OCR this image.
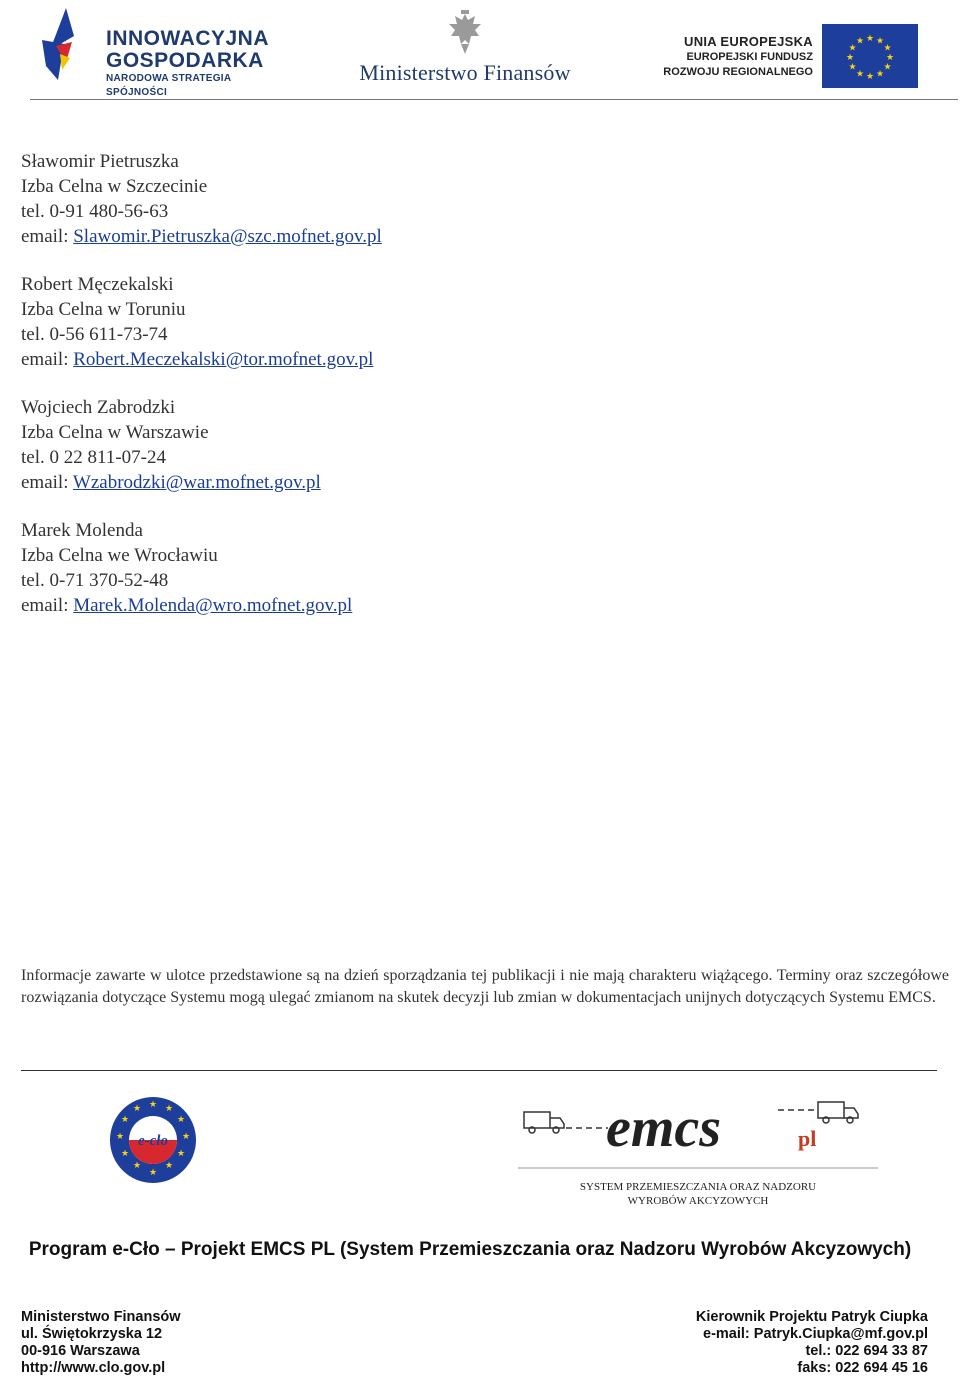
INNOWACYJNA
GOSPODARKA
NARODOWA STRATEGIA SPÓJNOŚCI
Ministerstwo Finansów
UNIA EUROPEJSKA
EUROPEJSKI FUNDUSZ
ROZWOJU REGIONALNEGO
★ ★
★
★
★
★
★
★
★
★
★
★
Sławomir Pietruszka
Izba Celna w Szczecinie
tel. 0-91 480-56-63
email: Slawomir.Pietruszka@szc.mofnet.gov.pl
Robert Męczekalski
Izba Celna w Toruniu
tel. 0-56 611-73-74
email: Robert.Meczekalski@tor.mofnet.gov.pl
Wojciech Zabrodzki
Izba Celna w Warszawie
tel. 0 22 811-07-24
email: Wzabrodzki@war.mofnet.gov.pl
Marek Molenda
Izba Celna we Wrocławiu
tel. 0-71 370-52-48
email: Marek.Molenda@wro.mofnet.gov.pl
Informacje zawarte w ulotce przedstawione są na dzień sporządzania tej publikacji i nie mają charakteru wiążącego. Terminy oraz szczegółowe rozwiązania dotyczące Systemu mogą ulegać zmianom na skutek decyzji lub zmian w dokumentacjach unijnych dotyczących Systemu EMCS.
★ ★
★
★
★
★
★
★
★
★
★
★
e-cło	emcs	pl
SYSTEM PRZEMIESZCZANIA ORAZ NADZORU
WYROBÓW AKCYZOWYCH
Program e-Cło – Projekt EMCS PL (System Przemieszczania oraz Nadzoru Wyrobów Akcyzowych)
Ministerstwo Finansów
ul. Świętokrzyska 12
00-916 Warszawa
http://www.clo.gov.pl
Kierownik Projektu Patryk Ciupka
e-mail: Patryk.Ciupka@mf.gov.pl
tel.: 022 694 33 87
faks: 022 694 45 16
